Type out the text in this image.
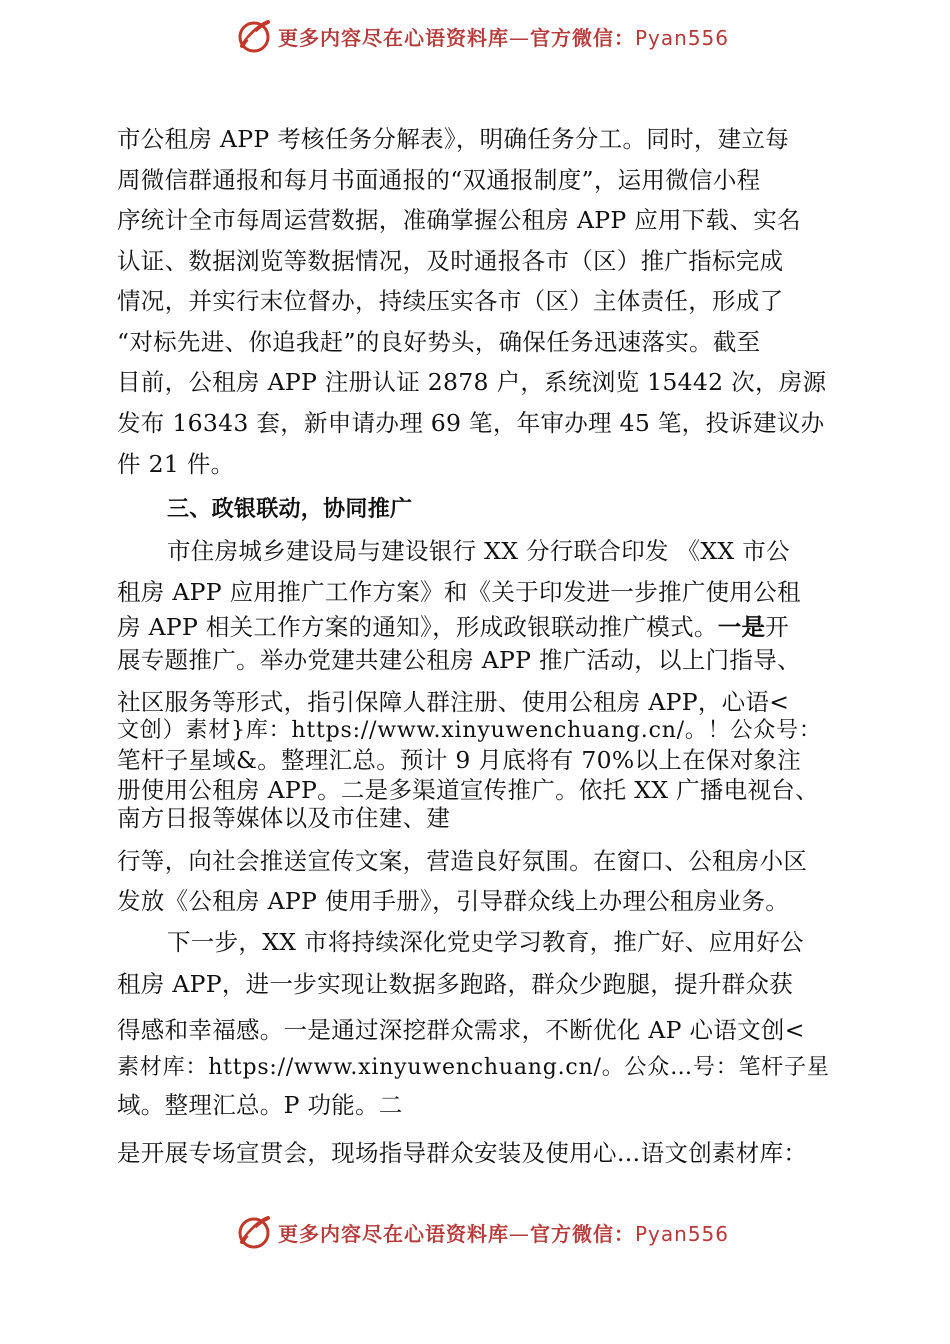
更多内容尽在心语资料库—官方微信：Pyan556
市公租房 APP 考核任务分解表》，明确任务分工。同时，建立每
周微信群通报和每月书面通报的“双通报制度”，运用微信小程
序统计全市每周运营数据，准确掌握公租房 APP 应用下载、实名
认证、数据浏览等数据情况，及时通报各市（区）推广指标完成
情况，并实行末位督办，持续压实各市（区）主体责任，形成了
“对标先进、你追我赶”的良好势头，确保任务迅速落实。截至
目前，公租房 APP 注册认证 2878 户，系统浏览 15442 次，房源
发布 16343 套，新申请办理 69 笔，年审办理 45 笔，投诉建议办
件 21 件。
三、政银联动，协同推广
市住房城乡建设局与建设银行 XX 分行联合印发 《XX 市公
租房 APP 应用推广工作方案》和《关于印发进一步推广使用公租
房 APP 相关工作方案的通知》，形成政银联动推广模式。一是开
展专题推广。举办党建共建公租房 APP 推广活动，以上门指导、
社区服务等形式，指引保障人群注册、使用公租房 APP，心语<
文创）素材}库：https://www.xinyuwenchuang.cn/。！公众号：
笔杆子星域&。整理汇总。预计 9 月底将有 70%以上在保对象注
册使用公租房 APP。二是多渠道宣传推广。依托 XX 广播电视台、
南方日报等媒体以及市住建、建
行等，向社会推送宣传文案，营造良好氛围。在窗口、公租房小区
发放《公租房 APP 使用手册》，引导群众线上办理公租房业务。
下一步，XX 市将持续深化党史学习教育，推广好、应用好公
租房 APP，进一步实现让数据多跑路，群众少跑腿，提升群众获
得感和幸福感。一是通过深挖群众需求，不断优化 AP 心语文创<
素材库：https://www.xinyuwenchuang.cn/。公众…号：笔杆子星
域。整理汇总。P 功能。二
是开展专场宣贯会，现场指导群众安装及使用心…语文创素材库：
更多内容尽在心语资料库—官方微信：Pyan556
